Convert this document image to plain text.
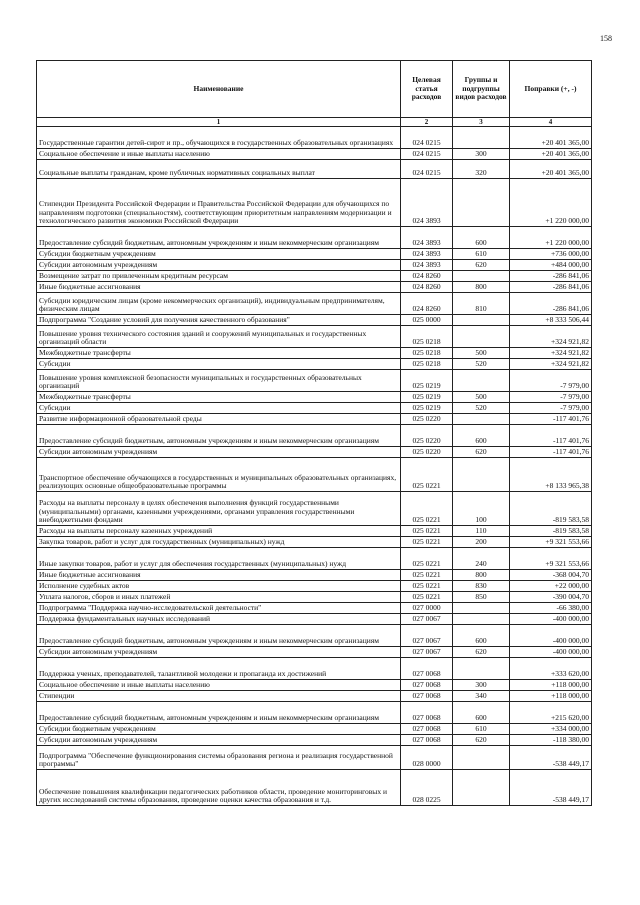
158
Наименование	Целевая статья расходов	Группы и подгруппы видов расходов	Поправки (+, -)
1	2	3	4
Государственные гарантии детей-сирот и пр., обучающихся в государственных образовательных организациях	024 0215		+20 401 365,00
Социальное обеспечение и иные выплаты населению	024 0215	300	+20 401 365,00
Социальные выплаты гражданам, кроме публичных нормативных социальных выплат	024 0215	320	+20 401 365,00
Стипендии Президента Российской Федерации и Правительства Российской Федерации для обучающихся по направлениям подготовки (специальностям), соответствующим приоритетным направлениям модернизации и технологического развития экономики Российской Федерации	024 3893		+1 220 000,00
Предоставление субсидий бюджетным, автономным учреждениям и иным некоммерческим организациям	024 3893	600	+1 220 000,00
Субсидии бюджетным учреждениям	024 3893	610	+736 000,00
Субсидии автономным учреждениям	024 3893	620	+484 000,00
Возмещение затрат по привлеченным кредитным ресурсам	024 8260		-286 841,06
Иные бюджетные ассигнования	024 8260	800	-286 841,06
Субсидии юридическим лицам (кроме некоммерческих организаций), индивидуальным предпринимателям, физическим лицам	024 8260	810	-286 841,06
Подпрограмма "Создание условий для получения качественного образования"	025 0000		+8 333 506,44
Повышение уровня технического состояния зданий и сооружений муниципальных и государственных организаций области	025 0218		+324 921,82
Межбюджетные трансферты	025 0218	500	+324 921,82
Субсидии	025 0218	520	+324 921,82
Повышение уровня комплексной безопасности муниципальных и государственных образовательных организаций	025 0219		-7 979,00
Межбюджетные трансферты	025 0219	500	-7 979,00
Субсидии	025 0219	520	-7 979,00
Развитие информационной образовательной среды	025 0220		-117 401,76
Предоставление субсидий бюджетным, автономным учреждениям и иным некоммерческим организациям	025 0220	600	-117 401,76
Субсидии автономным учреждениям	025 0220	620	-117 401,76
Транспортное обеспечение обучающихся в государственных и муниципальных образовательных организациях, реализующих основные общеобразовательные программы	025 0221		+8 133 965,38
Расходы на выплаты персоналу в целях обеспечения выполнения функций государственными (муниципальными) органами, казенными учреждениями, органами управления государственными внебюджетными фондами	025 0221	100	-819 583,58
Расходы на выплаты персоналу казенных учреждений	025 0221	110	-819 583,58
Закупка товаров, работ и услуг для государственных (муниципальных) нужд	025 0221	200	+9 321 553,66
Иные закупки товаров, работ и услуг для обеспечения государственных (муниципальных) нужд	025 0221	240	+9 321 553,66
Иные бюджетные ассигнования	025 0221	800	-368 004,70
Исполнение судебных актов	025 0221	830	+22 000,00
Уплата налогов, сборов и иных платежей	025 0221	850	-390 004,70
Подпрограмма "Поддержка научно-исследовательской деятельности"	027 0000		-66 380,00
Поддержка фундаментальных научных исследований	027 0067		-400 000,00
Предоставление субсидий бюджетным, автономным учреждениям и иным некоммерческим организациям	027 0067	600	-400 000,00
Субсидии автономным учреждениям	027 0067	620	-400 000,00
Поддержка ученых, преподавателей, талантливой молодежи и пропаганда их достижений	027 0068		+333 620,00
Социальное обеспечение и иные выплаты населению	027 0068	300	+118 000,00
Стипендии	027 0068	340	+118 000,00
Предоставление субсидий бюджетным, автономным учреждениям и иным некоммерческим организациям	027 0068	600	+215 620,00
Субсидии бюджетным учреждениям	027 0068	610	+334 000,00
Субсидии автономным учреждениям	027 0068	620	-118 380,00
Подпрограмма "Обеспечение функционирования системы образования региона и реализация государственной программы"	028 0000		-538 449,17
Обеспечение повышения квалификации педагогических работников области, проведение мониторинговых и других исследований системы образования, проведение оценки качества образования и т.д.	028 0225		-538 449,17
